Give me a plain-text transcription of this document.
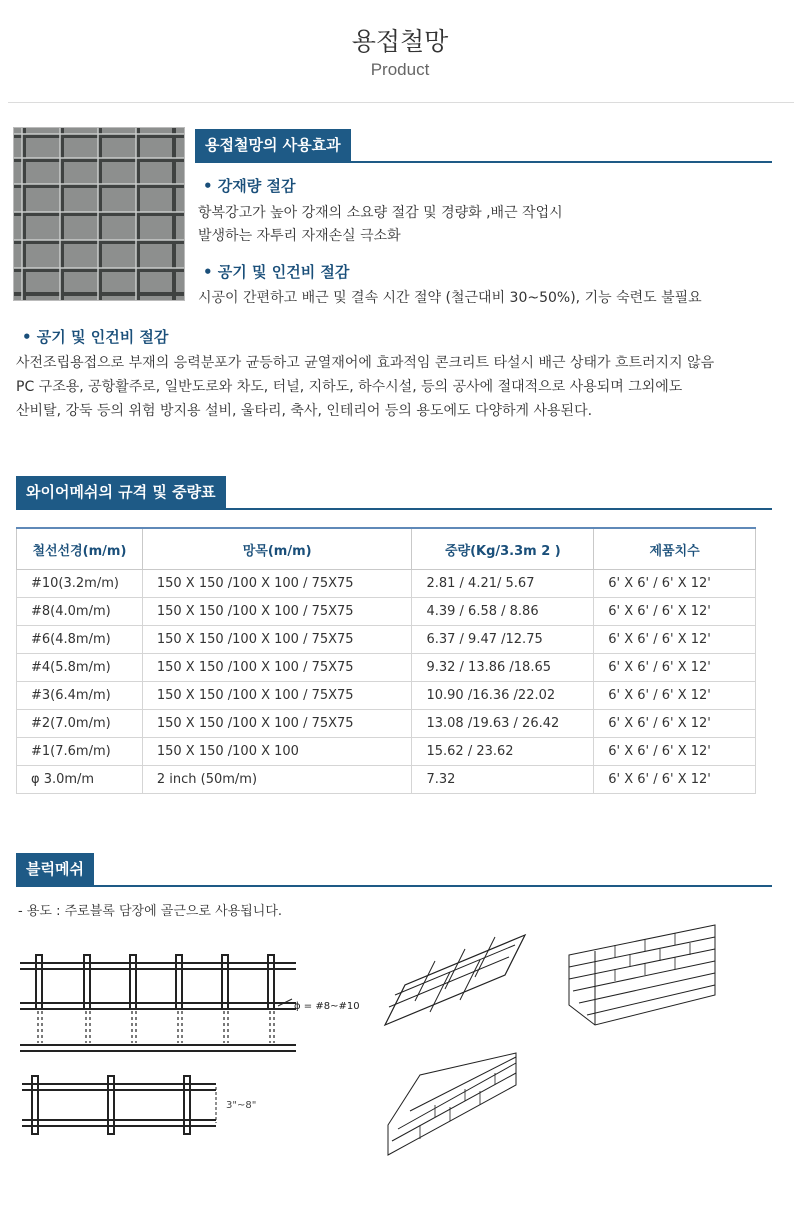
용접철망
Product
용접철망의 사용효과
• 강재량 절감
항복강고가 높아 강재의 소요량 절감 및 경량화 ,배근 작업시
발생하는 자투리 자재손실 극소화
• 공기 및 인건비 절감
시공이 간편하고 배근 및 결속 시간 절약 (철근대비 30~50%), 기능 숙련도 불필요
• 공기 및 인건비 절감
사전조립용접으로 부재의 응력분포가 균등하고 균열재어에 효과적임 콘크리트 타설시 배근 상태가 흐트러지지 않음
PC 구조용, 공항활주로, 일반도로와 차도, 터널, 지하도, 하수시설, 등의 공사에 절대적으로 사용되며 그외에도
산비탈, 강둑 등의 위험 방지용 설비, 울타리, 축사, 인테리어 등의 용도에도 다양하게 사용된다.
와이어메쉬의 규격 및 중량표
철선선경(m/m)	망목(m/m)	중량(Kg/3.3m 2 )	제품치수
#10(3.2m/m)	150 X 150 /100 X 100 / 75X75	2.81 / 4.21/ 5.67	6' X 6' / 6' X 12'
#8(4.0m/m)	150 X 150 /100 X 100 / 75X75	4.39 / 6.58 / 8.86	6' X 6' / 6' X 12'
#6(4.8m/m)	150 X 150 /100 X 100 / 75X75	6.37 / 9.47 /12.75	6' X 6' / 6' X 12'
#4(5.8m/m)	150 X 150 /100 X 100 / 75X75	9.32 / 13.86 /18.65	6' X 6' / 6' X 12'
#3(6.4m/m)	150 X 150 /100 X 100 / 75X75	10.90 /16.36 /22.02	6' X 6' / 6' X 12'
#2(7.0m/m)	150 X 150 /100 X 100 / 75X75	13.08 /19.63 / 26.42	6' X 6' / 6' X 12'
#1(7.6m/m)	150 X 150 /100 X 100	15.62 / 23.62	6' X 6' / 6' X 12'
φ 3.0m/m	2 inch (50m/m)	7.32	6' X 6' / 6' X 12'
블럭메쉬
- 용도 : 주로블록 담장에 골근으로 사용됩니다.
ϕ = #8~#10
3"~8"
